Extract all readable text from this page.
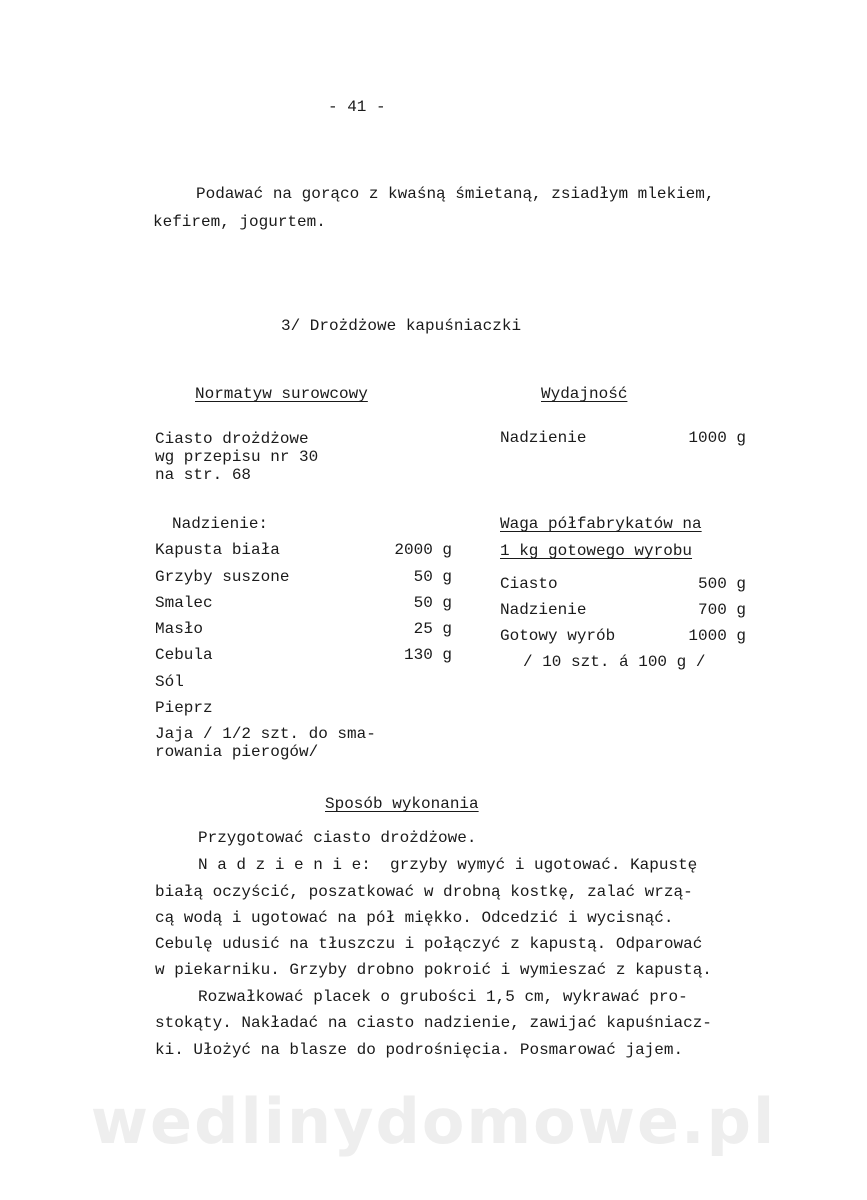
- 41 -
Podawać na gorąco z kwaśną śmietaną, zsiadłym mlekiem,
kefirem, jogurtem.
3/ Drożdżowe kapuśniaczki
Normatyw surowcowy
Ciasto drożdżowe
wg przepisu nr 30
na str. 68
Nadzienie:
Kapusta biała	2000 g
Grzyby suszone	50 g
Smalec	50 g
Masło	25 g
Cebula	130 g
Sól
Pieprz
Jaja / 1/2 szt. do sma-
rowania pierogów/
Wydajność
Nadzienie	1000 g
Waga półfabrykatów na
1 kg gotowego wyrobu
Ciasto	500 g
Nadzienie	700 g
Gotowy wyrób	1000 g
/ 10 szt. á 100 g /
Sposób wykonania
Przygotować ciasto drożdżowe.
N a d z i e n i e:  grzyby wymyć i ugotować. Kapustę
białą oczyścić, poszatkować w drobną kostkę, zalać wrzą-
cą wodą i ugotować na pół miękko. Odcedzić i wycisnąć.
Cebulę udusić na tłuszczu i połączyć z kapustą. Odparować
w piekarniku. Grzyby drobno pokroić i wymieszać z kapustą.
Rozwałkować placek o grubości 1,5 cm, wykrawać pro-
stokąty. Nakładać na ciasto nadzienie, zawijać kapuśniacz-
ki. Ułożyć na blasze do podrośnięcia. Posmarować jajem.
wedlinydomowe.pl
